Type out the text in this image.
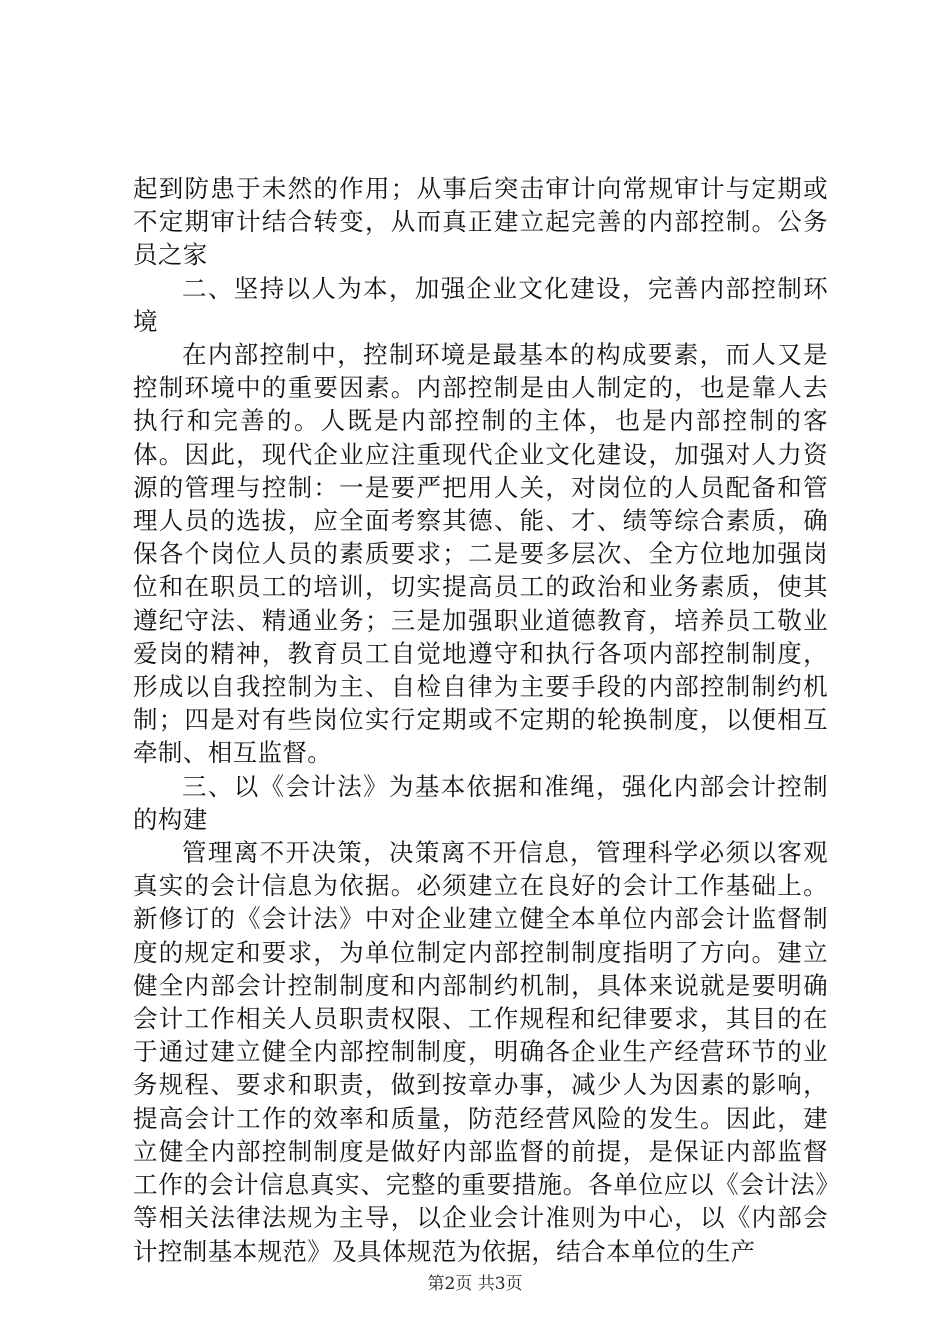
起到防患于未然的作用；从事后突击审计向常规审计与定期或不定期审计结合转变，从而真正建立起完善的内部控制。公务员之家

二、坚持以人为本，加强企业文化建设，完善内部控制环境

在内部控制中，控制环境是最基本的构成要素，而人又是控制环境中的重要因素。内部控制是由人制定的，也是靠人去执行和完善的。人既是内部控制的主体，也是内部控制的客体。因此，现代企业应注重现代企业文化建设，加强对人力资源的管理与控制：一是要严把用人关，对岗位的人员配备和管理人员的选拔，应全面考察其德、能、才、绩等综合素质，确保各个岗位人员的素质要求；二是要多层次、全方位地加强岗位和在职员工的培训，切实提高员工的政治和业务素质，使其遵纪守法、精通业务；三是加强职业道德教育，培养员工敬业爱岗的精神，教育员工自觉地遵守和执行各项内部控制制度，形成以自我控制为主、自检自律为主要手段的内部控制制约机制；四是对有些岗位实行定期或不定期的轮换制度，以便相互牵制、相互监督。

三、以《会计法》为基本依据和准绳，强化内部会计控制的构建

管理离不开决策，决策离不开信息，管理科学必须以客观真实的会计信息为依据。必须建立在良好的会计工作基础上。新修订的《会计法》中对企业建立健全本单位内部会计监督制度的规定和要求，为单位制定内部控制制度指明了方向。建立健全内部会计控制制度和内部制约机制，具体来说就是要明确会计工作相关人员职责权限、工作规程和纪律要求，其目的在于通过建立健全内部控制制度，明确各企业生产经营环节的业务规程、要求和职责，做到按章办事，减少人为因素的影响，提高会计工作的效率和质量，防范经营风险的发生。因此，建立健全内部控制制度是做好内部监督的前提，是保证内部监督工作的会计信息真实、完整的重要措施。各单位应以《会计法》等相关法律法规为主导，以企业会计准则为中心，以《内部会计控制基本规范》及具体规范为依据，结合本单位的生产

第2页 共3页
